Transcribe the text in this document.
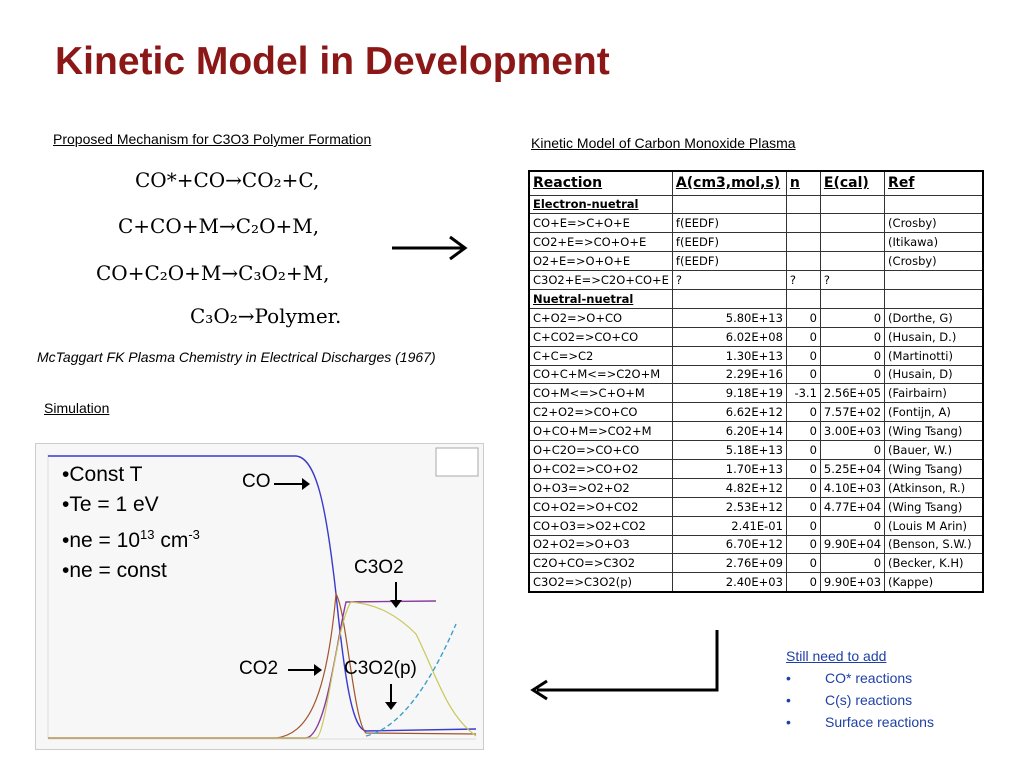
Kinetic Model in Development
Proposed Mechanism for C3O3 Polymer Formation	Kinetic Model of Carbon Monoxide Plasma
CO*+CO→CO₂+C,
C+CO+M→C₂O+M,
CO+C₂O+M→C₃O₂+M,
C₃O₂→Polymer.
McTaggart FK Plasma Chemistry in Electrical Discharges (1967)
Simulation
•Const T
•Te = 1 eV
•ne = $10^{13}$ $cm^{-3}$
•ne = const
CO
C3O2
CO2	C3O2(p)
Reaction	A(cm3,mol,s)	n	E(cal)	Ref
Electron-nuetral				
CO+E=>C+O+E	f(EEDF)			(Crosby)
CO2+E=>CO+O+E	f(EEDF)			(Itikawa)
O2+E=>O+O+E	f(EEDF)			(Crosby)
C3O2+E=>C2O+CO+E	?	?	?	
Nuetral-nuetral				
C+O2=>O+CO	5.80E+13	0	0	(Dorthe, G)
C+CO2=>CO+CO	6.02E+08	0	0	(Husain, D.)
C+C=>C2	1.30E+13	0	0	(Martinotti)
CO+C+M<=>C2O+M	2.29E+16	0	0	(Husain, D)
CO+M<=>C+O+M	9.18E+19	-3.1	2.56E+05	(Fairbairn)
C2+O2=>CO+CO	6.62E+12	0	7.57E+02	(Fontijn, A)
O+CO+M=>CO2+M	6.20E+14	0	3.00E+03	(Wing Tsang)
O+C2O=>CO+CO	5.18E+13	0	0	(Bauer, W.)
O+CO2=>CO+O2	1.70E+13	0	5.25E+04	(Wing Tsang)
O+O3=>O2+O2	4.82E+12	0	4.10E+03	(Atkinson, R.)
CO+O2=>O+CO2	2.53E+12	0	4.77E+04	(Wing Tsang)
CO+O3=>O2+CO2	2.41E-01	0	0	(Louis M Arin)
O2+O2=>O+O3	6.70E+12	0	9.90E+04	(Benson, S.W.)
C2O+CO=>C3O2	2.76E+09	0	0	(Becker, K.H)
C3O2=>C3O2(p)	2.40E+03	0	9.90E+03	(Kappe)
Still need to add
•	CO* reactions
•	C(s) reactions
•	Surface reactions
